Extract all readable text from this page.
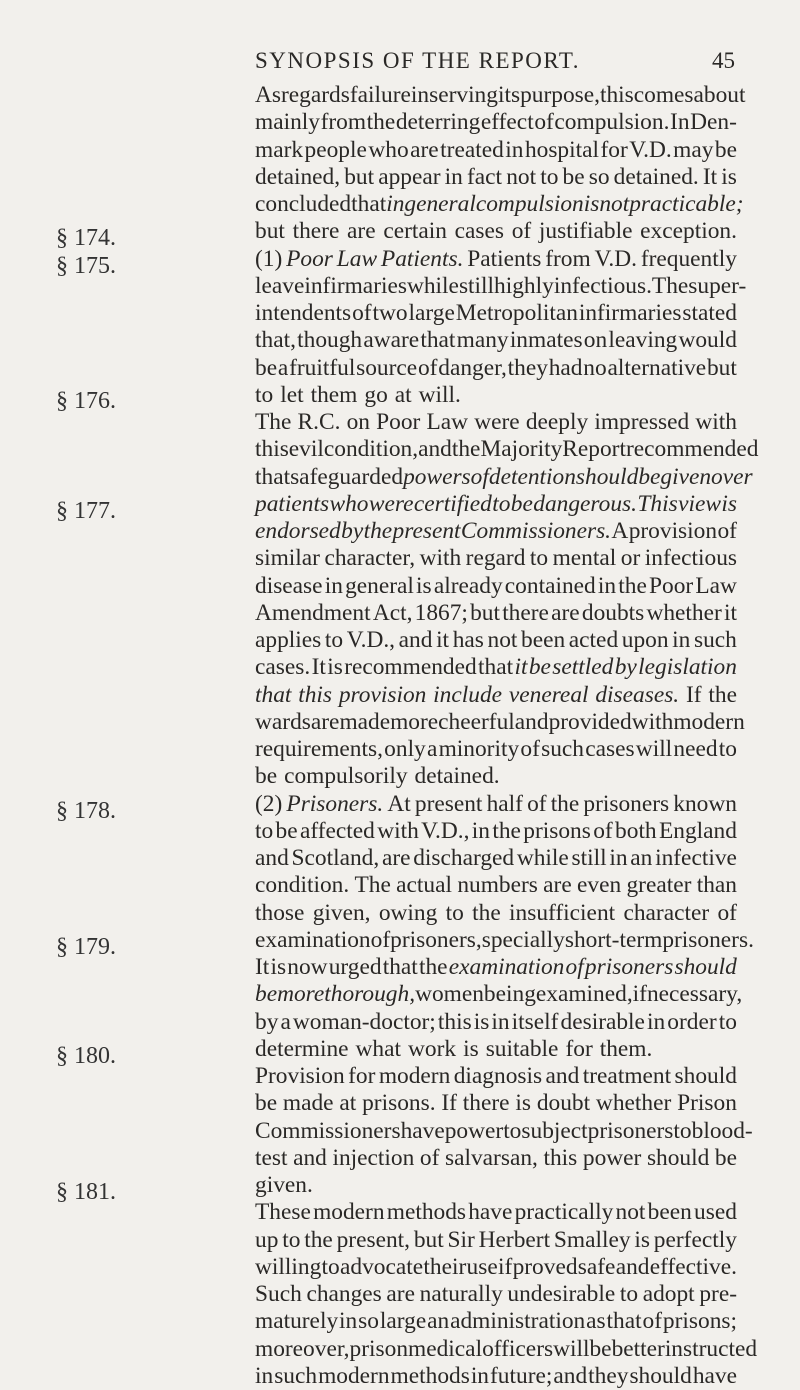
SYNOPSIS OF THE REPORT.	45
§ 174.
§ 175.
§ 176.
§ 177.
§ 178.
§ 179.
§ 180.
§ 181.
As regards failure in serving its purpose, this comes about
mainly from the deterring effect of compulsion. In Den-
mark people who are treated in hospital for V.D. may be
detained, but appear in fact not to be so detained. It is
concluded that in general compulsion is not practicable;
but there are certain cases of justifiable exception.
(1) Poor Law Patients. Patients from V.D. frequently
leave infirmaries while still highly infectious. The super-
intendents of two large Metropolitan infirmaries stated
that, though aware that many inmates on leaving would
be a fruitful source of danger, they had no alternative but
to let them go at will.
The R.C. on Poor Law were deeply impressed with
this evil condition, and the Majority Report recommended
that safeguarded powers of detention should be given over
patients who were certified to be dangerous. This view is
endorsed by the present Commissioners. A provision of
similar character, with regard to mental or infectious
disease in general is already contained in the Poor Law
Amendment Act, 1867; but there are doubts whether it
applies to V.D., and it has not been acted upon in such
cases. It is recommended that it be settled by legislation
that this provision include venereal diseases. If the
wards are made more cheerful and provided with modern
requirements, only a minority of such cases will need to
be compulsorily detained.
(2) Prisoners. At present half of the prisoners known
to be affected with V.D., in the prisons of both England
and Scotland, are discharged while still in an infective
condition. The actual numbers are even greater than
those given, owing to the insufficient character of
examination of prisoners, specially short-term prisoners.
It is now urged that the examination of prisoners should
be more thorough, women being examined, if necessary,
by a woman-doctor; this is in itself desirable in order to
determine what work is suitable for them.
Provision for modern diagnosis and treatment should
be made at prisons. If there is doubt whether Prison
Commissioners have power to subject prisoners to blood-
test and injection of salvarsan, this power should be
given.
These modern methods have practically not been used
up to the present, but Sir Herbert Smalley is perfectly
willing to advocate their use if proved safe and effective.
Such changes are naturally undesirable to adopt pre-
maturely in so large an administration as that of prisons;
moreover, prison medical officers will be better instructed
in such modern methods in future; and they should have
